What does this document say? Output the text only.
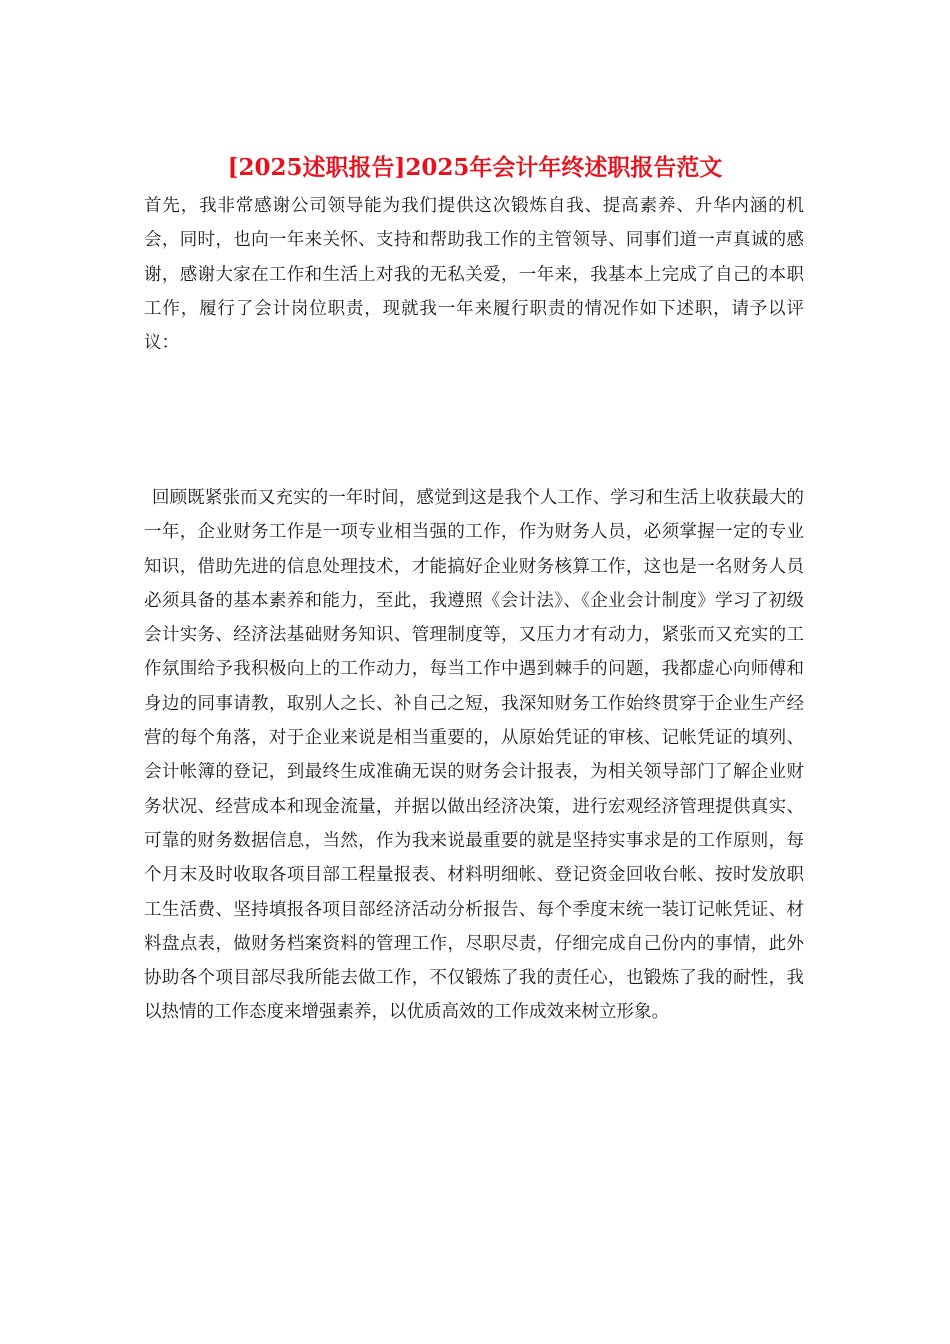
[2025述职报告]2025年会计年终述职报告范文

首先，我非常感谢公司领导能为我们提供这次锻炼自我、提高素养、升华内涵的机会，同时，也向一年来关怀、支持和帮助我工作的主管领导、同事们道一声真诚的感谢，感谢大家在工作和生活上对我的无私关爱，一年来，我基本上完成了自己的本职工作，履行了会计岗位职责，现就我一年来履行职责的情况作如下述职，请予以评议：

回顾既紧张而又充实的一年时间，感觉到这是我个人工作、学习和生活上收获最大的一年，企业财务工作是一项专业相当强的工作，作为财务人员，必须掌握一定的专业知识，借助先进的信息处理技术，才能搞好企业财务核算工作，这也是一名财务人员必须具备的基本素养和能力，至此，我遵照《会计法》、《企业会计制度》学习了初级会计实务、经济法基础财务知识、管理制度等，又压力才有动力，紧张而又充实的工作氛围给予我积极向上的工作动力，每当工作中遇到棘手的问题，我都虚心向师傅和身边的同事请教，取别人之长、补自己之短，我深知财务工作始终贯穿于企业生产经营的每个角落，对于企业来说是相当重要的，从原始凭证的审核、记帐凭证的填列、会计帐簿的登记，到最终生成准确无误的财务会计报表，为相关领导部门了解企业财务状况、经营成本和现金流量，并据以做出经济决策，进行宏观经济管理提供真实、可靠的财务数据信息，当然，作为我来说最重要的就是坚持实事求是的工作原则，每个月末及时收取各项目部工程量报表、材料明细帐、登记资金回收台帐、按时发放职工生活费、坚持填报各项目部经济活动分析报告、每个季度末统一装订记帐凭证、材料盘点表，做财务档案资料的管理工作，尽职尽责，仔细完成自己份内的事情，此外协助各个项目部尽我所能去做工作，不仅锻炼了我的责任心，也锻炼了我的耐性，我以热情的工作态度来增强素养，以优质高效的工作成效来树立形象。
